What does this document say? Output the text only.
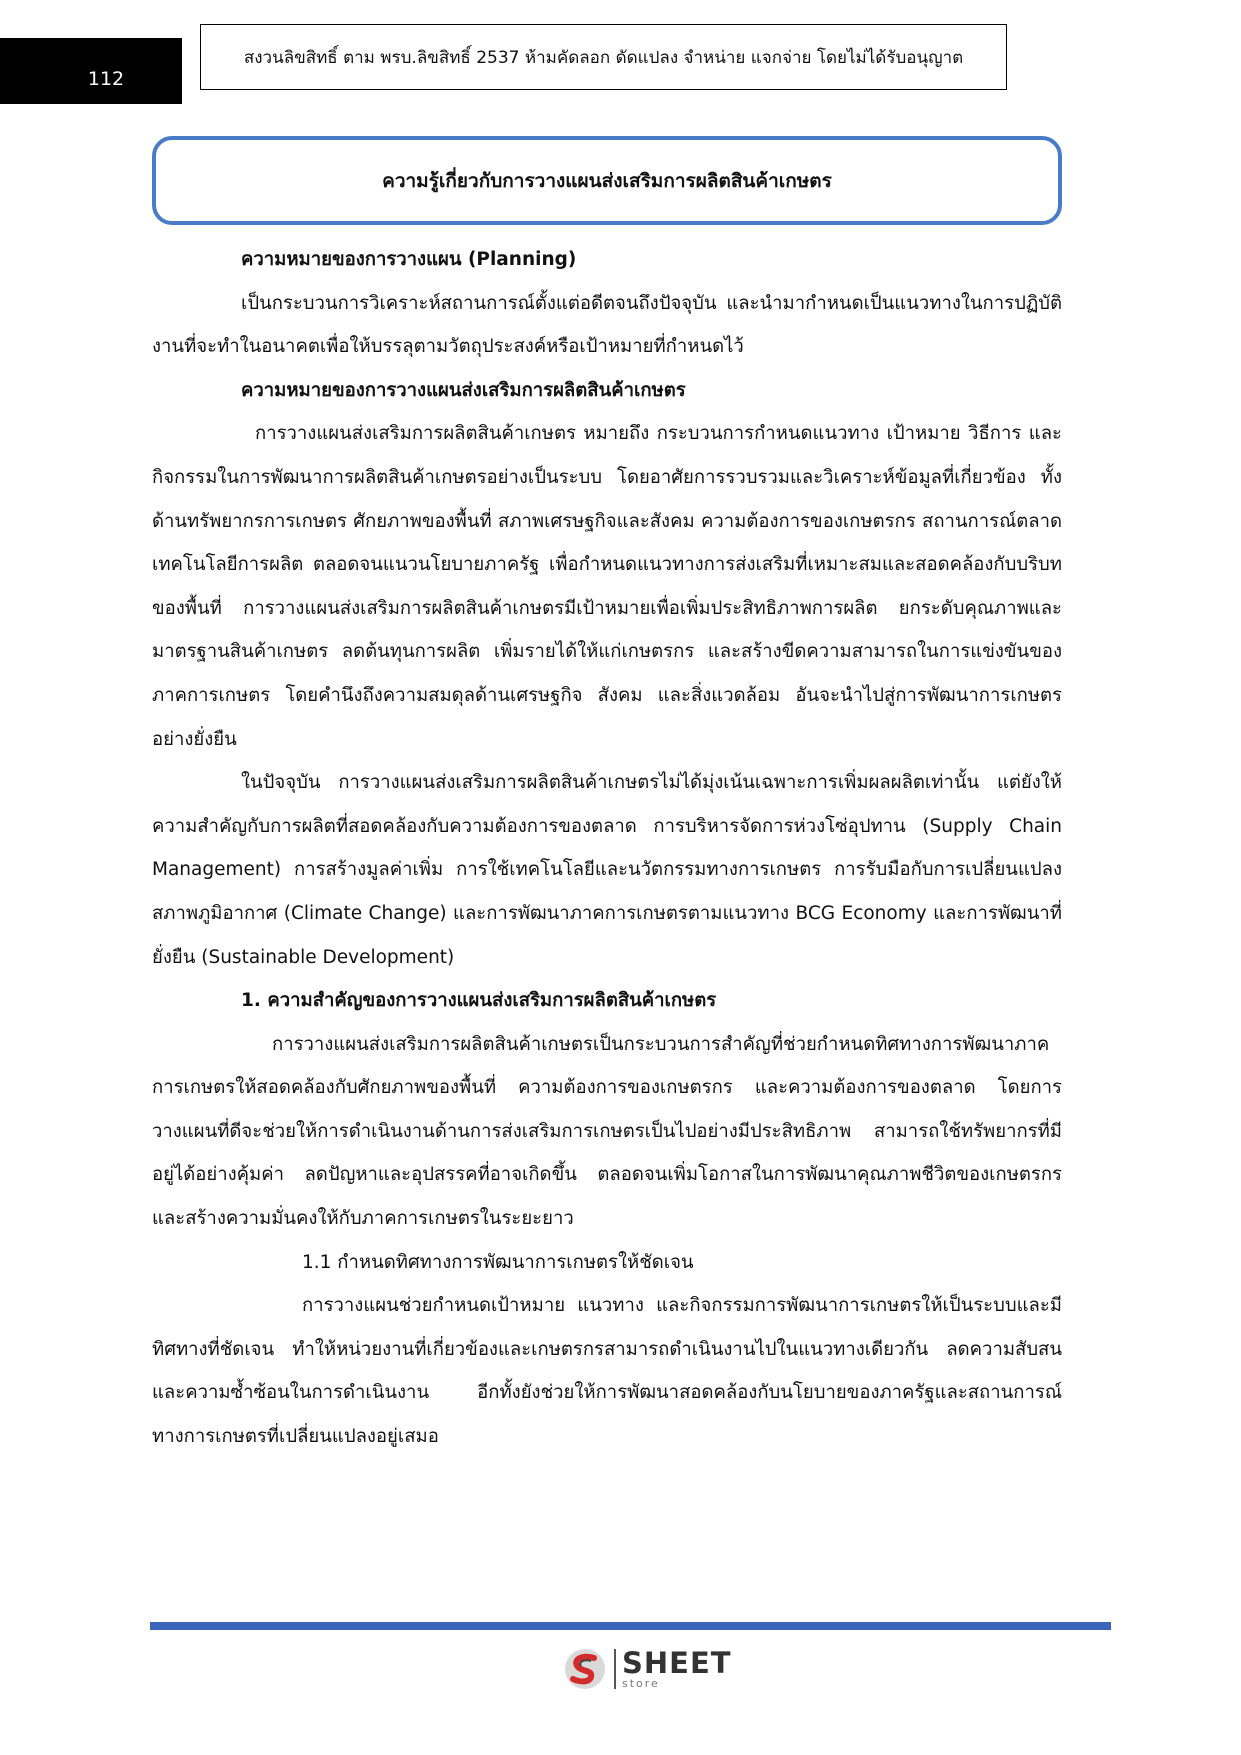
112
สงวนลิขสิทธิ์ ตาม พรบ.ลิขสิทธิ์ 2537 ห้ามคัดลอก ดัดแปลง จำหน่าย แจกจ่าย โดยไม่ได้รับอนุญาต
ความรู้เกี่ยวกับการวางแผนส่งเสริมการผลิตสินค้าเกษตร

ความหมายของการวางแผน (Planning)

เป็นกระบวนการวิเคราะห์สถานการณ์ตั้งแต่อดีตจนถึงปัจจุบัน และนำมากำหนดเป็นแนวทางในการปฏิบัติงานที่จะทำในอนาคตเพื่อให้บรรลุตามวัตถุประสงค์หรือเป้าหมายที่กำหนดไว้

ความหมายของการวางแผนส่งเสริมการผลิตสินค้าเกษตร

การวางแผนส่งเสริมการผลิตสินค้าเกษตร หมายถึง กระบวนการกำหนดแนวทาง เป้าหมาย วิธีการ และกิจกรรมในการพัฒนาการผลิตสินค้าเกษตรอย่างเป็นระบบ โดยอาศัยการรวบรวมและวิเคราะห์ข้อมูลที่เกี่ยวข้อง ทั้งด้านทรัพยากรการเกษตร ศักยภาพของพื้นที่ สภาพเศรษฐกิจและสังคม ความต้องการของเกษตรกร สถานการณ์ตลาด เทคโนโลยีการผลิต ตลอดจนแนวนโยบายภาครัฐ เพื่อกำหนดแนวทางการส่งเสริมที่เหมาะสมและสอดคล้องกับบริบทของพื้นที่ การวางแผนส่งเสริมการผลิตสินค้าเกษตรมีเป้าหมายเพื่อเพิ่มประสิทธิภาพการผลิต ยกระดับคุณภาพและมาตรฐานสินค้าเกษตร ลดต้นทุนการผลิต เพิ่มรายได้ให้แก่เกษตรกร และสร้างขีดความสามารถในการแข่งขันของภาคการเกษตร โดยคำนึงถึงความสมดุลด้านเศรษฐกิจ สังคม และสิ่งแวดล้อม อันจะนำไปสู่การพัฒนาการเกษตรอย่างยั่งยืน

ในปัจจุบัน การวางแผนส่งเสริมการผลิตสินค้าเกษตรไม่ได้มุ่งเน้นเฉพาะการเพิ่มผลผลิตเท่านั้น แต่ยังให้ความสำคัญกับการผลิตที่สอดคล้องกับความต้องการของตลาด การบริหารจัดการห่วงโซ่อุปทาน (Supply Chain Management) การสร้างมูลค่าเพิ่ม การใช้เทคโนโลยีและนวัตกรรมทางการเกษตร การรับมือกับการเปลี่ยนแปลงสภาพภูมิอากาศ (Climate Change) และการพัฒนาภาคการเกษตรตามแนวทาง BCG Economy และการพัฒนาที่ยั่งยืน (Sustainable Development)

1. ความสำคัญของการวางแผนส่งเสริมการผลิตสินค้าเกษตร

การวางแผนส่งเสริมการผลิตสินค้าเกษตรเป็นกระบวนการสำคัญที่ช่วยกำหนดทิศทางการพัฒนาภาคการเกษตรให้สอดคล้องกับศักยภาพของพื้นที่ ความต้องการของเกษตรกร และความต้องการของตลาด โดยการวางแผนที่ดีจะช่วยให้การดำเนินงานด้านการส่งเสริมการเกษตรเป็นไปอย่างมีประสิทธิภาพ สามารถใช้ทรัพยากรที่มีอยู่ได้อย่างคุ้มค่า ลดปัญหาและอุปสรรคที่อาจเกิดขึ้น ตลอดจนเพิ่มโอกาสในการพัฒนาคุณภาพชีวิตของเกษตรกรและสร้างความมั่นคงให้กับภาคการเกษตรในระยะยาว

1.1 กำหนดทิศทางการพัฒนาการเกษตรให้ชัดเจน

การวางแผนช่วยกำหนดเป้าหมาย แนวทาง และกิจกรรมการพัฒนาการเกษตรให้เป็นระบบและมีทิศทางที่ชัดเจน ทำให้หน่วยงานที่เกี่ยวข้องและเกษตรกรสามารถดำเนินงานไปในแนวทางเดียวกัน ลดความสับสนและความซ้ำซ้อนในการดำเนินงาน อีกทั้งยังช่วยให้การพัฒนาสอดคล้องกับนโยบายของภาครัฐและสถานการณ์ทางการเกษตรที่เปลี่ยนแปลงอยู่เสมอ

SHEET
store
